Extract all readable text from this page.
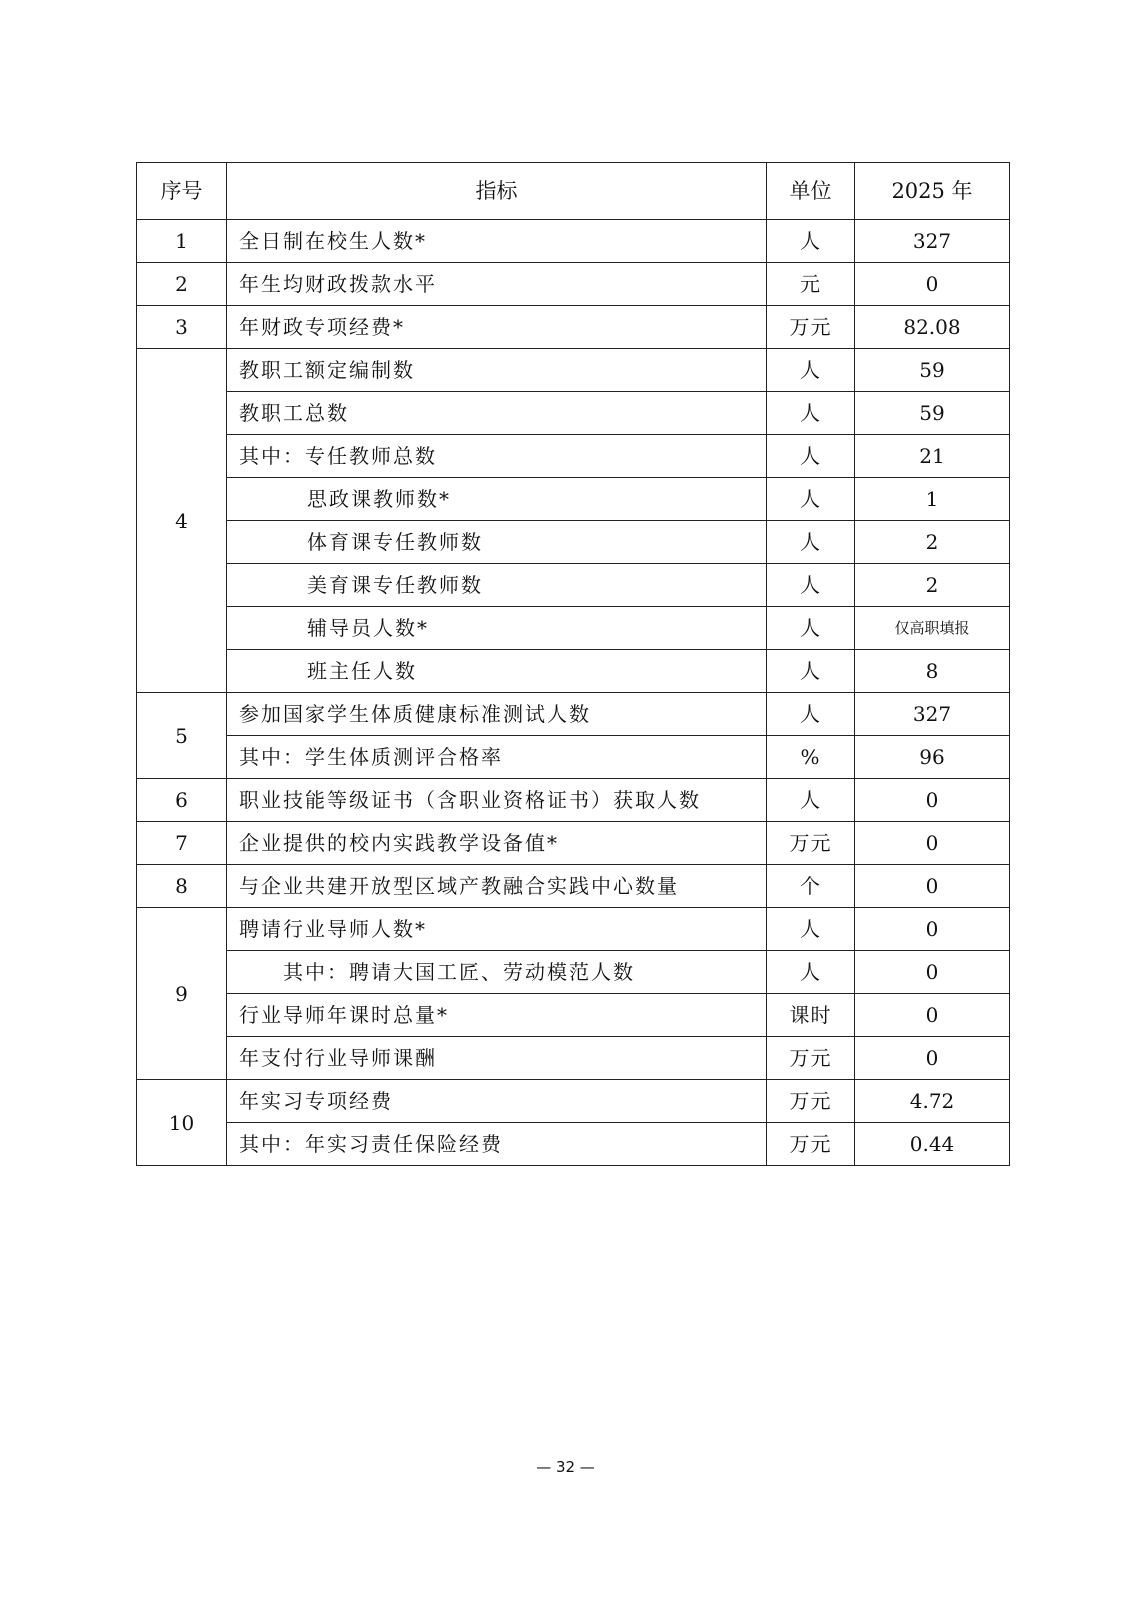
序号	指标	单位	2025 年
1	全日制在校生人数*	人	327
2	年生均财政拨款水平	元	0
3	年财政专项经费*	万元	82.08
4	教职工额定编制数	人	59
	教职工总数	人	59
	其中：专任教师总数	人	21
	思政课教师数*	人	1
	体育课专任教师数	人	2
	美育课专任教师数	人	2
	辅导员人数*	人	仅高职填报
	班主任人数	人	8
5	参加国家学生体质健康标准测试人数	人	327
	其中：学生体质测评合格率	%	96
6	职业技能等级证书（含职业资格证书）获取人数	人	0
7	企业提供的校内实践教学设备值*	万元	0
8	与企业共建开放型区域产教融合实践中心数量	个	0
9	聘请行业导师人数*	人	0
	其中：聘请大国工匠、劳动模范人数	人	0
	行业导师年课时总量*	课时	0
	年支付行业导师课酬	万元	0
10	年实习专项经费	万元	4.72
	其中：年实习责任保险经费	万元	0.44
— 32 —
